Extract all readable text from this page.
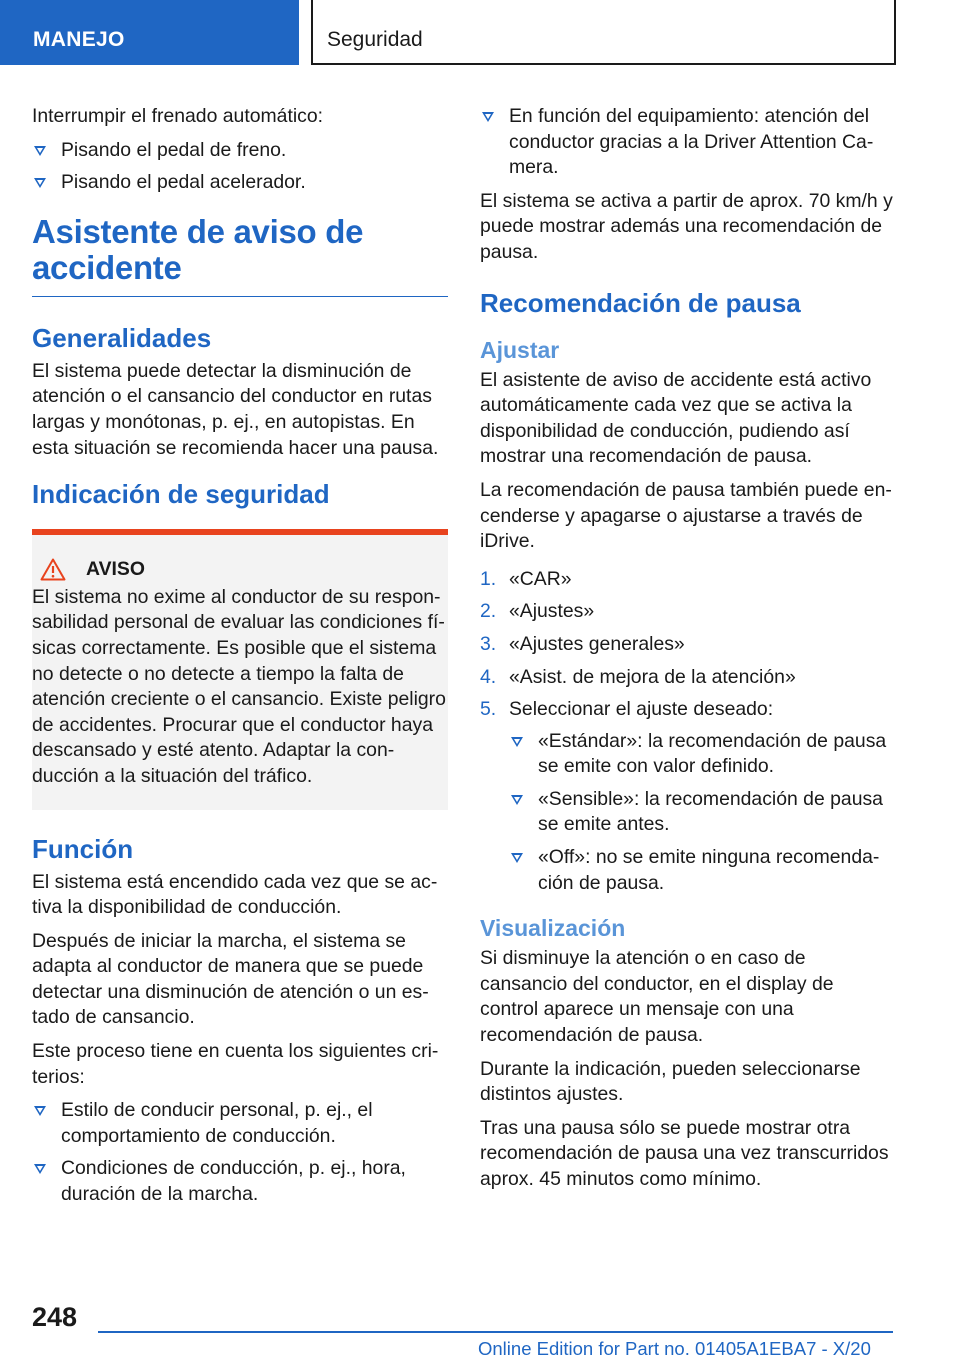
MANEJO	Seguridad

Interrumpir el frenado automático:

Pisando el pedal de freno.
Pisando el pedal acelerador.
Asistente de aviso de accidente
Generalidades

El sistema puede detectar la disminución de atención o el cansancio del conductor en rutas largas y monótonas, p. ej., en autopistas. En esta situación se recomienda hacer una pausa.

Indicación de seguridad
AVISO

El sistema no exime al conductor de su responsabilidad personal de evaluar las condiciones físicas correctamente. Es posible que el sistema no detecte o no detecte a tiempo la falta de atención creciente o el cansancio. Existe peligro de accidentes. Procurar que el conductor haya descansado y esté atento. Adaptar la conducción a la situación del tráfico.

Función

El sistema está encendido cada vez que se activa la disponibilidad de conducción.

Después de iniciar la marcha, el sistema se adapta al conductor de manera que se puede detectar una disminución de atención o un estado de cansancio.

Este proceso tiene en cuenta los siguientes criterios:

Estilo de conducir personal, p. ej., el comportamiento de conducción.
Condiciones de conducción, p. ej., hora, duración de la marcha.
En función del equipamiento: atención del conductor gracias a la Driver Attention Camera.

El sistema se activa a partir de aprox. 70 km/h y puede mostrar además una recomendación de pausa.

Recomendación de pausa
Ajustar

El asistente de aviso de accidente está activo automáticamente cada vez que se activa la disponibilidad de conducción, pudiendo así mostrar una recomendación de pausa.

La recomendación de pausa también puede encenderse y apagarse o ajustarse a través de iDrive.

1. «CAR»
2. «Ajustes»
3. «Ajustes generales»
4. «Asist. de mejora de la atención»
5. Seleccionar el ajuste deseado:
«Estándar»: la recomendación de pausa se emite con valor definido.
«Sensible»: la recomendación de pausa se emite antes.
«Off»: no se emite ninguna recomendación de pausa.
Visualización

Si disminuye la atención o en caso de cansancio del conductor, en el display de control aparece un mensaje con una recomendación de pausa.

Durante la indicación, pueden seleccionarse distintos ajustes.

Tras una pausa sólo se puede mostrar otra recomendación de pausa una vez transcurridos aprox. 45 minutos como mínimo.

248
Online Edition for Part no. 01405A1EBA7 - X/20
